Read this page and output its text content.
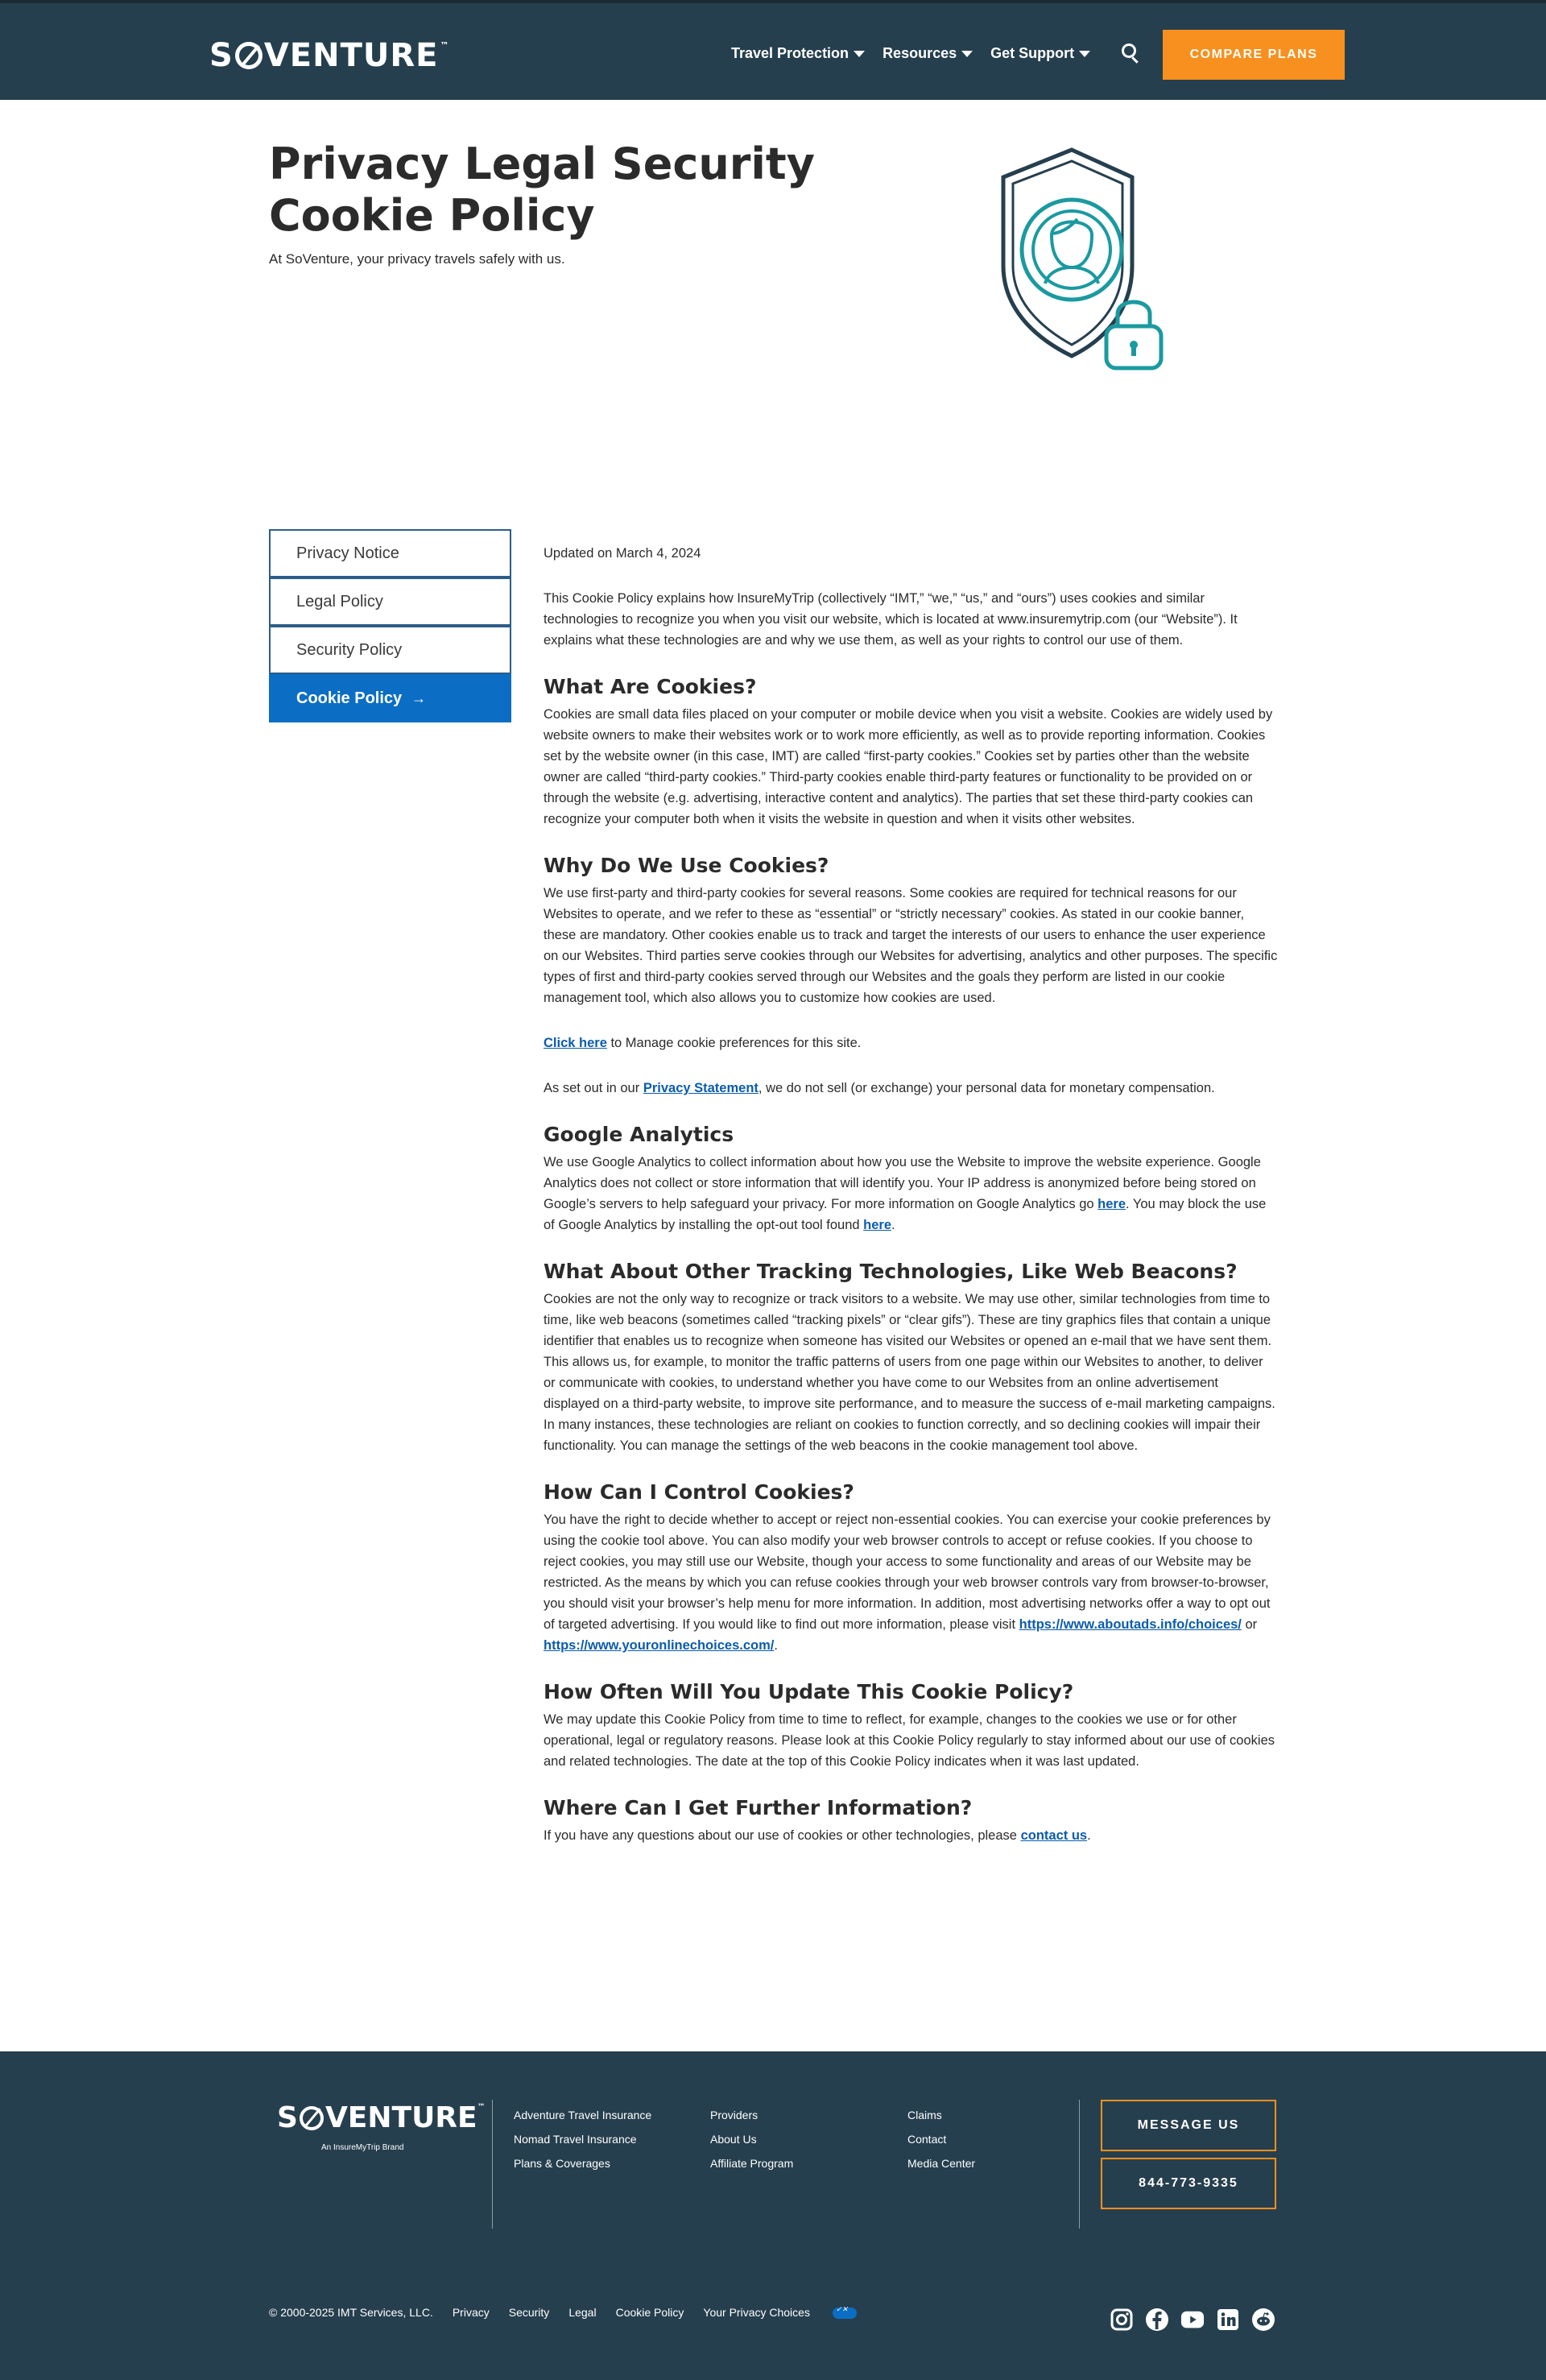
S VENTURE™	Travel Protection Resources Get Support	COMPARE PLANS
Privacy Legal Security
Cookie Policy
At SoVenture, your privacy travels safely with us.
Privacy Notice
Legal Policy
Security Policy
Cookie Policy →

Updated on March 4, 2024

This Cookie Policy explains how InsureMyTrip (collectively “IMT,” “we,” “us,” and “ours”) uses cookies and similar technologies to recognize you when you visit our website, which is located at www.insuremytrip.com (our “Website”). It explains what these technologies are and why we use them, as well as your rights to control our use of them.

What Are Cookies?

Cookies are small data files placed on your computer or mobile device when you visit a website. Cookies are widely used by website owners to make their websites work or to work more efficiently, as well as to provide reporting information. Cookies set by the website owner (in this case, IMT) are called “first-party cookies.” Cookies set by parties other than the website owner are called “third-party cookies.” Third-party cookies enable third-party features or functionality to be provided on or through the website (e.g. advertising, interactive content and analytics). The parties that set these third-party cookies can recognize your computer both when it visits the website in question and when it visits other websites.

Why Do We Use Cookies?

We use first-party and third-party cookies for several reasons. Some cookies are required for technical reasons for our Websites to operate, and we refer to these as “essential” or “strictly necessary” cookies. As stated in our cookie banner, these are mandatory. Other cookies enable us to track and target the interests of our users to enhance the user experience on our Websites. Third parties serve cookies through our Websites for advertising, analytics and other purposes. The specific types of first and third-party cookies served through our Websites and the goals they perform are listed in our cookie management tool, which also allows you to customize how cookies are used.

Click here to Manage cookie preferences for this site.

As set out in our Privacy Statement, we do not sell (or exchange) your personal data for monetary compensation.

Google Analytics

We use Google Analytics to collect information about how you use the Website to improve the website experience. Google Analytics does not collect or store information that will identify you. Your IP address is anonymized before being stored on Google’s servers to help safeguard your privacy. For more information on Google Analytics go here. You may block the use of Google Analytics by installing the opt-out tool found here.

What About Other Tracking Technologies, Like Web Beacons?

Cookies are not the only way to recognize or track visitors to a website. We may use other, similar technologies from time to time, like web beacons (sometimes called “tracking pixels” or “clear gifs”). These are tiny graphics files that contain a unique identifier that enables us to recognize when someone has visited our Websites or opened an e-mail that we have sent them. This allows us, for example, to monitor the traffic patterns of users from one page within our Websites to another, to deliver or communicate with cookies, to understand whether you have come to our Websites from an online advertisement displayed on a third-party website, to improve site performance, and to measure the success of e-mail marketing campaigns. In many instances, these technologies are reliant on cookies to function correctly, and so declining cookies will impair their functionality. You can manage the settings of the web beacons in the cookie management tool above.

How Can I Control Cookies?

You have the right to decide whether to accept or reject non-essential cookies. You can exercise your cookie preferences by using the cookie tool above. You can also modify your web browser controls to accept or refuse cookies. If you choose to reject cookies, you may still use our Website, though your access to some functionality and areas of our Website may be restricted. As the means by which you can refuse cookies through your web browser controls vary from browser-to-browser, you should visit your browser’s help menu for more information. In addition, most advertising networks offer a way to opt out of targeted advertising. If you would like to find out more information, please visit https://www.aboutads.info/choices/ or https://www.youronlinechoices.com/.

How Often Will You Update This Cookie Policy?

We may update this Cookie Policy from time to time to reflect, for example, changes to the cookies we use or for other operational, legal or regulatory reasons. Please look at this Cookie Policy regularly to stay informed about our use of cookies and related technologies. The date at the top of this Cookie Policy indicates when it was last updated.

Where Can I Get Further Information?

If you have any questions about our use of cookies or other technologies, please contact us.

S VENTURE™
An InsureMyTrip Brand
Adventure Travel Insurance
Nomad Travel Insurance
Plans & Coverages
Providers
About Us
Affiliate Program
Claims
Contact
Media Center
MESSAGE US
844-773-9335
© 2000-2025 IMT Services, LLC. Privacy Security Legal Cookie Policy Your Privacy Choices✓✕
